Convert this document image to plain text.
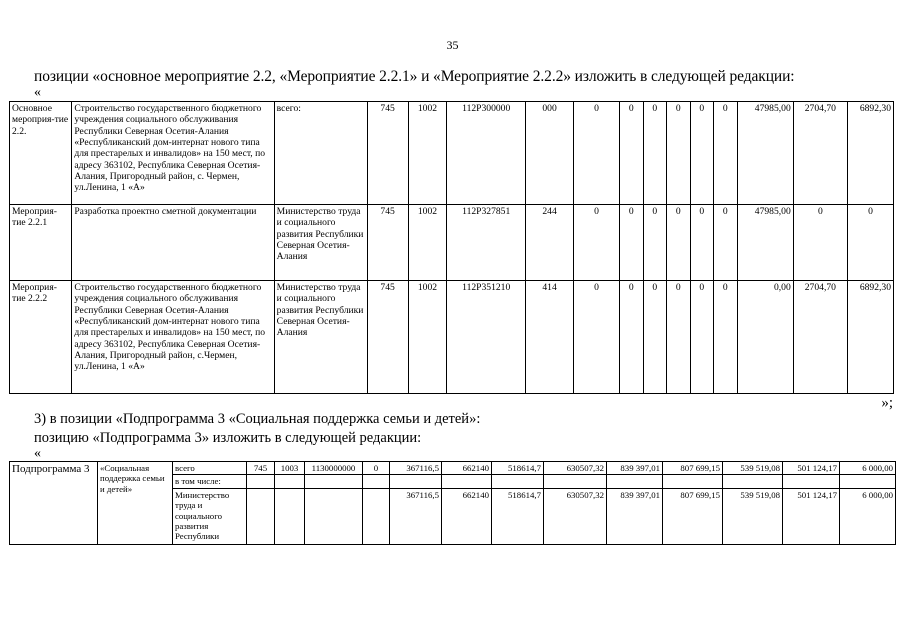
35
позиции «основное мероприятие 2.2, «Мероприятие 2.2.1» и «Мероприятие 2.2.2» изложить в следующей редакции:
«
Основное мероприя-тие 2.2.	Строительство государственного бюджетного учреждения социального обслуживания Республики Северная Осетия-Алания «Республиканский дом-интернат нового типа для престарелых и инвалидов» на 150 мест, по адресу 363102, Республика Северная Осетия-Алания, Пригородный район, с. Чермен, ул.Ленина, 1 «А»	всего:	745	1002	112Р300000	000	0	0	0	0	0	0	47985,00	2704,70	6892,30
Мероприя-тие 2.2.1	Разработка проектно сметной документации	Министерство труда и социального развития Республики Северная Осетия-Алания	745	1002	112Р327851	244	0	0	0	0	0	0	47985,00	0	0
Мероприя-тие 2.2.2	Строительство государственного бюджетного учреждения социального обслуживания Республики Северная Осетия-Алания «Республиканский дом-интернат нового типа для престарелых и инвалидов» на 150 мест, по адресу 363102, Республика Северная Осетия-Алания, Пригородный район, с.Чермен, ул.Ленина, 1 «А»	Министерство труда и социального развития Республики Северная Осетия-Алания	745	1002	112Р351210	414	0	0	0	0	0	0	0,00	2704,70	6892,30
»;
3) в позиции «Подпрограмма 3 «Социальная поддержка семьи и детей»:
позицию «Подпрограмма 3» изложить в следующей редакции:
«
Подпрограмма 3	«Социальная поддержка семьи и детей»	всего	745	1003	1130000000	0	367116,5	662140	518614,7	630507,32	839 397,01	807 699,15	539 519,08	501 124,17	6 000,00
		в том числе:													
		Министерство труда и социального развития Республики					367116,5	662140	518614,7	630507,32	839 397,01	807 699,15	539 519,08	501 124,17	6 000,00
